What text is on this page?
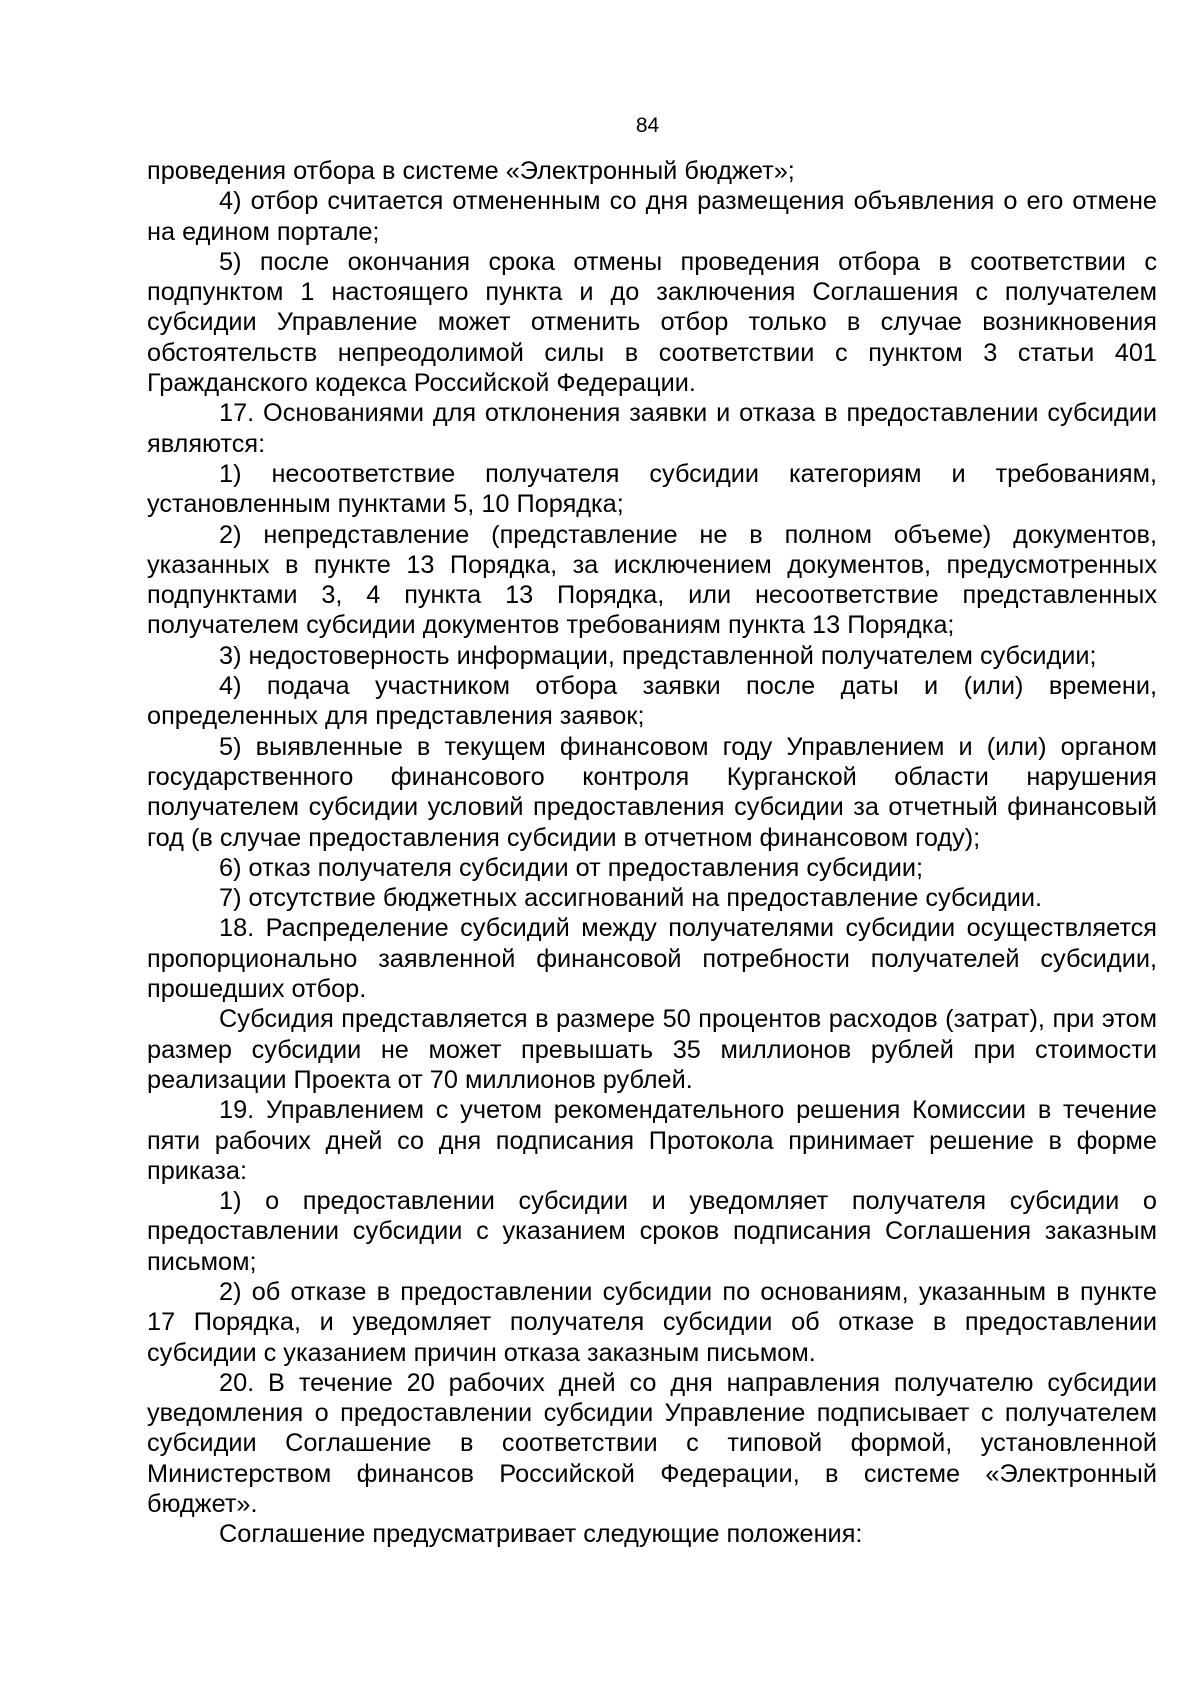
84

проведения отбора в системе «Электронный бюджет»;

4) отбор считается отмененным со дня размещения объявления о его отмене на едином портале;

5) после окончания срока отмены проведения отбора в соответствии с подпунктом 1 настоящего пункта и до заключения Соглашения с получателем субсидии Управление может отменить отбор только в случае возникновения обстоятельств непреодолимой силы в соответствии с пунктом 3 статьи 401 Гражданского кодекса Российской Федерации.

17. Основаниями для отклонения заявки и отказа в предоставлении субсидии являются:

1) несоответствие получателя субсидии категориям и требованиям, установленным пунктами 5, 10 Порядка;

2) непредставление (представление не в полном объеме) документов, указанных в пункте 13 Порядка, за исключением документов, предусмотренных подпунктами 3, 4 пункта 13 Порядка, или несоответствие представленных получателем субсидии документов требованиям пункта 13 Порядка;

3) недостоверность информации, представленной получателем субсидии;

4) подача участником отбора заявки после даты и (или) времени, определенных для представления заявок;

5) выявленные в текущем финансовом году Управлением и (или) органом государственного финансового контроля Курганской области нарушения получателем субсидии условий предоставления субсидии за отчетный финансовый год (в случае предоставления субсидии в отчетном финансовом году);

6) отказ получателя субсидии от предоставления субсидии;

7) отсутствие бюджетных ассигнований на предоставление субсидии.

18. Распределение субсидий между получателями субсидии осуществляется пропорционально заявленной финансовой потребности получателей субсидии, прошедших отбор.

Субсидия представляется в размере 50 процентов расходов (затрат), при этом размер субсидии не может превышать 35 миллионов рублей при стоимости реализации Проекта от 70 миллионов рублей.

19. Управлением с учетом рекомендательного решения Комиссии в течение пяти рабочих дней со дня подписания Протокола принимает решение в форме приказа:

1) о предоставлении субсидии и уведомляет получателя субсидии о предоставлении субсидии с указанием сроков подписания Соглашения заказным письмом;

2) об отказе в предоставлении субсидии по основаниям, указанным в пункте 17 Порядка, и уведомляет получателя субсидии об отказе в предоставлении субсидии с указанием причин отказа заказным письмом.

20. В течение 20 рабочих дней со дня направления получателю субсидии уведомления о предоставлении субсидии Управление подписывает с получателем субсидии Соглашение в соответствии с типовой формой, установленной Министерством финансов Российской Федерации, в системе «Электронный бюджет».

Соглашение предусматривает следующие положения:
